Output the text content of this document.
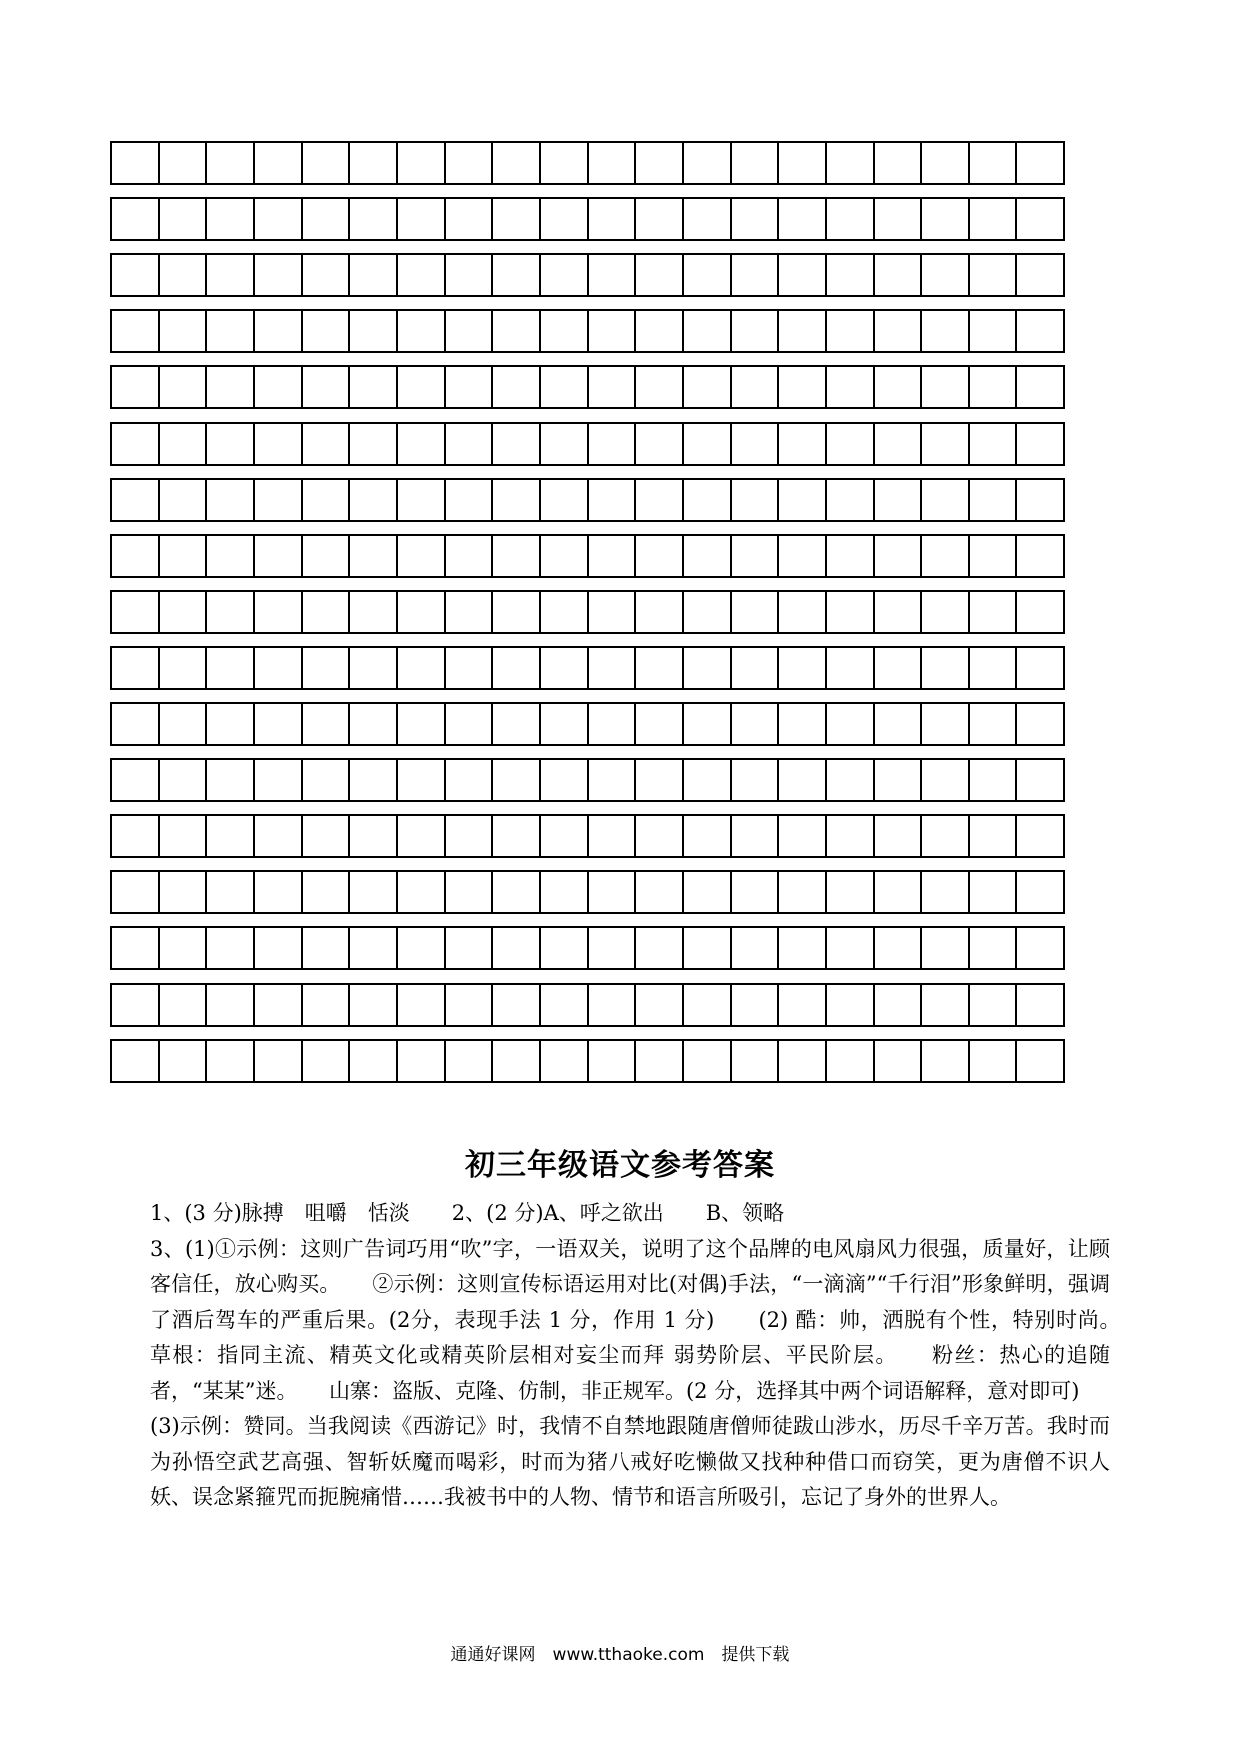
初三年级语文参考答案

1、(3 分)脉搏　咀嚼　恬淡　　2、(2 分)A、呼之欲出　　B、领略

3、(1)①示例：这则广告词巧用“吹”字，一语双关，说明了这个品牌的电风扇风力很强，质量好，让顾客信任，放心购买。　　②示例：这则宣传标语运用对比(对偶)手法，“一滴滴”“千行泪”形象鲜明，强调了酒后驾车的严重后果。(2分，表现手法 1 分，作用 1 分)　　(2) 酷：帅，洒脱有个性，特别时尚。　草根：指同主流、精英文化或精英阶层相对妄尘而拜 弱势阶层、平民阶层。　　粉丝：热心的追随者，“某某”迷。　　山寨：盗版、克隆、仿制，非正规军。(2 分，选择其中两个词语解释，意对即可)

(3)示例：赞同。当我阅读《西游记》时，我情不自禁地跟随唐僧师徒跋山涉水，历尽千辛万苦。我时而为孙悟空武艺高强、智斩妖魔而喝彩，时而为猪八戒好吃懒做又找种种借口而窃笑，更为唐僧不识人妖、误念紧箍咒而扼腕痛惜……我被书中的人物、情节和语言所吸引，忘记了身外的世界人。

通通好课网　www.tthaoke.com　提供下载
